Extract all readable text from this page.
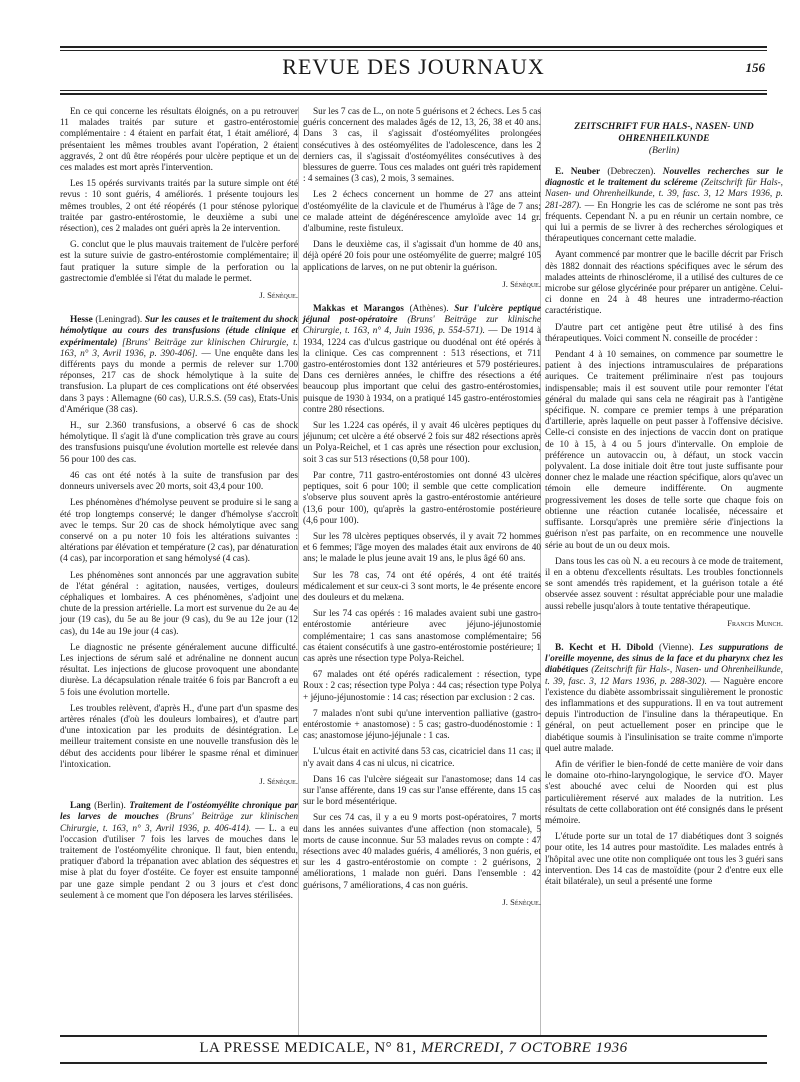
REVUE DES JOURNAUX	156

En ce qui concerne les résultats éloignés, on a pu retrouver 11 malades traités par suture et gastro-entérostomie complémentaire : 4 étaient en parfait état, 1 était amélioré, 4 présentaient les mêmes troubles avant l'opération, 2 étaient aggravés, 2 ont dû être réopérés pour ulcère peptique et un de ces malades est mort après l'intervention.

Les 15 opérés survivants traités par la suture simple ont été revus : 10 sont guéris, 4 améliorés. 1 présente toujours les mêmes troubles, 2 ont été réopérés (1 pour sténose pylorique traitée par gastro-entérostomie, le deuxième a subi une résection), ces 2 malades ont guéri après la 2e intervention.

G. conclut que le plus mauvais traitement de l'ulcère perforé est la suture suivie de gastro-entérostomie complémentaire; il faut pratiquer la suture simple de la perforation ou la gastrectomie d'emblée si l'état du malade le permet.

J. Sénèque.

Hesse (Leningrad). Sur les causes et le traitement du shock hémolytique au cours des transfusions (étude clinique et expérimentale) [Bruns' Beiträge zur klinischen Chirurgie, t. 163, n° 3, Avril 1936, p. 390-406]. — Une enquête dans les différents pays du monde a permis de relever sur 1.700 réponses, 217 cas de shock hémolytique à la suite de transfusion. La plupart de ces complications ont été observées dans 3 pays : Allemagne (60 cas), U.R.S.S. (59 cas), Etats-Unis d'Amérique (38 cas).

H., sur 2.360 transfusions, a observé 6 cas de shock hémolytique. Il s'agit là d'une complication très grave au cours des transfusions puisqu'une évolution mortelle est relevée dans 56 pour 100 des cas.

46 cas ont été notés à la suite de transfusion par des donneurs universels avec 20 morts, soit 43,4 pour 100.

Les phénomènes d'hémolyse peuvent se produire si le sang a été trop longtemps conservé; le danger d'hémolyse s'accroît avec le temps. Sur 20 cas de shock hémolytique avec sang conservé on a pu noter 10 fois les altérations suivantes : altérations par élévation et température (2 cas), par dénaturation (4 cas), par incorporation et sang hémolysé (4 cas).

Les phénomènes sont annoncés par une aggravation subite de l'état général : agitation, nausées, vertiges, douleurs céphaliques et lombaires. A ces phénomènes, s'adjoint une chute de la pression artérielle. La mort est survenue du 2e au 4e jour (19 cas), du 5e au 8e jour (9 cas), du 9e au 12e jour (12 cas), du 14e au 19e jour (4 cas).

Le diagnostic ne présente généralement aucune difficulté. Les injections de sérum salé et adrénaline ne donnent aucun résultat. Les injections de glucose provoquent une abondante diurèse. La décapsulation rénale traitée 6 fois par Bancroft a eu 5 fois une évolution mortelle.

Les troubles relèvent, d'après H., d'une part d'un spasme des artères rénales (d'où les douleurs lombaires), et d'autre part d'une intoxication par les produits de désintégration. Le meilleur traitement consiste en une nouvelle transfusion dès le début des accidents pour libérer le spasme rénal et diminuer l'intoxication.

J. Sénèque.

Lang (Berlin). Traitement de l'ostéomyélite chronique par les larves de mouches (Bruns' Beiträge zur klinischen Chirurgie, t. 163, n° 3, Avril 1936, p. 406-414). — L. a eu l'occasion d'utiliser 7 fois les larves de mouches dans le traitement de l'ostéomyélite chronique. Il faut, bien entendu, pratiquer d'abord la trépanation avec ablation des séquestres et mise à plat du foyer d'ostéite. Ce foyer est ensuite tamponné par une gaze simple pendant 2 ou 3 jours et c'est donc seulement à ce moment que l'on déposera les larves stérilisées.

Sur les 7 cas de L., on note 5 guérisons et 2 échecs. Les 5 cas guéris concernent des malades âgés de 12, 13, 26, 38 et 40 ans. Dans 3 cas, il s'agissait d'ostéomyélites prolongées consécutives à des ostéomyélites de l'adolescence, dans les 2 derniers cas, il s'agissait d'ostéomyélites consécutives à des blessures de guerre. Tous ces malades ont guéri très rapidement : 4 semaines (3 cas), 2 mois, 3 semaines.

Les 2 échecs concernent un homme de 27 ans atteint d'ostéomyélite de la clavicule et de l'humérus à l'âge de 7 ans; ce malade atteint de dégénérescence amyloïde avec 14 gr. d'albumine, reste fistuleux.

Dans le deuxième cas, il s'agissait d'un homme de 40 ans, déjà opéré 20 fois pour une ostéomyélite de guerre; malgré 105 applications de larves, on ne put obtenir la guérison.

J. Sénèque.

Makkas et Marangos (Athènes). Sur l'ulcère peptique jéjunal post-opératoire (Bruns' Beiträge zur klinische Chirurgie, t. 163, n° 4, Juin 1936, p. 554-571). — De 1914 à 1934, 1224 cas d'ulcus gastrique ou duodénal ont été opérés à la clinique. Ces cas comprennent : 513 résections, et 711 gastro-entérostomies dont 132 antérieures et 579 postérieures. Dans ces dernières années, le chiffre des résections a été beaucoup plus important que celui des gastro-entérostomies, puisque de 1930 à 1934, on a pratiqué 145 gastro-entérostomies contre 280 résections.

Sur les 1.224 cas opérés, il y avait 46 ulcères peptiques du jéjunum; cet ulcère a été observé 2 fois sur 482 résections après un Polya-Reichel, et 1 cas après une résection pour exclusion, soit 3 cas sur 513 résections (0,58 pour 100).

Par contre, 711 gastro-entérostomies ont donné 43 ulcères peptiques, soit 6 pour 100; il semble que cette complication s'observe plus souvent après la gastro-entérostomie antérieure (13,6 pour 100), qu'après la gastro-entérostomie postérieure (4,6 pour 100).

Sur les 78 ulcères peptiques observés, il y avait 72 hommes et 6 femmes; l'âge moyen des malades était aux environs de 40 ans; le malade le plus jeune avait 19 ans, le plus âgé 60 ans.

Sur les 78 cas, 74 ont été opérés, 4 ont été traités médicalement et sur ceux-ci 3 sont morts, le 4e présente encore des douleurs et du melæna.

Sur les 74 cas opérés : 16 malades avaient subi une gastro-entérostomie antérieure avec jéjuno-jéjunostomie complémentaire; 1 cas sans anastomose complémentaire; 56 cas étaient consécutifs à une gastro-entérostomie postérieure; 1 cas après une résection type Polya-Reichel.

67 malades ont été opérés radicalement : résection, type Roux : 2 cas; résection type Polya : 44 cas; résection type Polya + jéjuno-jéjunostomie : 14 cas; résection par exclusion : 2 cas.

7 malades n'ont subi qu'une intervention palliative (gastro-entérostomie + anastomose) : 5 cas; gastro-duodénostomie : 1 cas; anastomose jéjuno-jéjunale : 1 cas.

L'ulcus était en activité dans 53 cas, cicatriciel dans 11 cas; il n'y avait dans 4 cas ni ulcus, ni cicatrice.

Dans 16 cas l'ulcère siégeait sur l'anastomose; dans 14 cas sur l'anse afférente, dans 19 cas sur l'anse efférente, dans 15 cas sur le bord mésentérique.

Sur ces 74 cas, il y a eu 9 morts post-opératoires, 7 morts dans les années suivantes d'une affection (non stomacale), 5 morts de cause inconnue. Sur 53 malades revus on compte : 47 résections avec 40 malades guéris, 4 améliorés, 3 non guéris, et sur les 4 gastro-entérostomie on compte : 2 guérisons, 2 améliorations, 1 malade non guéri. Dans l'ensemble : 42 guérisons, 7 améliorations, 4 cas non guéris.

J. Sénèque.

ZEITSCHRIFT FUR HALS-, NASEN- UND OHRENHEILKUNDE
(Berlin)

E. Neuber (Debreczen). Nouvelles recherches sur le diagnostic et le traitement du scléreme (Zeitschrift für Hals-, Nasen- und Ohrenheilkunde, t. 39, fasc. 3, 12 Mars 1936, p. 281-287). — En Hongrie les cas de sclérome ne sont pas très fréquents. Cependant N. a pu en réunir un certain nombre, ce qui lui a permis de se livrer à des recherches sérologiques et thérapeutiques concernant cette maladie.

Ayant commencé par montrer que le bacille décrit par Frisch dès 1882 donnait des réactions spécifiques avec le sérum des malades atteints de rhinosclérome, il a utilisé des cultures de ce microbe sur gélose glycérinée pour préparer un antigène. Celui-ci donne en 24 à 48 heures une intradermo-réaction caractéristique.

D'autre part cet antigène peut être utilisé à des fins thérapeutiques. Voici comment N. conseille de procéder :

Pendant 4 à 10 semaines, on commence par soumettre le patient à des injections intramusculaires de préparations auriques. Ce traitement préliminaire n'est pas toujours indispensable; mais il est souvent utile pour remonter l'état général du malade qui sans cela ne réagirait pas à l'antigène spécifique. N. compare ce premier temps à une préparation d'artillerie, après laquelle on peut passer à l'offensive décisive. Celle-ci consiste en des injections de vaccin dont on pratique de 10 à 15, à 4 ou 5 jours d'intervalle. On emploie de préférence un autovaccin ou, à défaut, un stock vaccin polyvalent. La dose initiale doit être tout juste suffisante pour donner chez le malade une réaction spécifique, alors qu'avec un témoin elle demeure indifférente. On augmente progressivement les doses de telle sorte que chaque fois on obtienne une réaction cutanée localisée, nécessaire et suffisante. Lorsqu'après une première série d'injections la guérison n'est pas parfaite, on en recommence une nouvelle série au bout de un ou deux mois.

Dans tous les cas où N. a eu recours à ce mode de traitement, il en a obtenu d'excellents résultats. Les troubles fonctionnels se sont amendés très rapidement, et la guérison totale a été observée assez souvent : résultat appréciable pour une maladie aussi rebelle jusqu'alors à toute tentative thérapeutique.

Francis Munch.

B. Kecht et H. Dibold (Vienne). Les suppurations de l'oreille moyenne, des sinus de la face et du pharynx chez les diabétiques (Zeitschrift für Hals-, Nasen- und Ohrenheilkunde, t. 39, fasc. 3, 12 Mars 1936, p. 288-302). — Naguère encore l'existence du diabète assombrissait singulièrement le pronostic des inflammations et des suppurations. Il en va tout autrement depuis l'introduction de l'insuline dans la thérapeutique. En général, on peut actuellement poser en principe que le diabétique soumis à l'insulinisation se traite comme n'importe quel autre malade.

Afin de vérifier le bien-fondé de cette manière de voir dans le domaine oto-rhino-laryngologique, le service d'O. Mayer s'est abouché avec celui de Noorden qui est plus particulièrement réservé aux malades de la nutrition. Les résultats de cette collaboration ont été consignés dans le présent mémoire.

L'étude porte sur un total de 17 diabétiques dont 3 soignés pour otite, les 14 autres pour mastoïdite. Les malades entrés à l'hôpital avec une otite non compliquée ont tous les 3 guéri sans intervention. Des 14 cas de mastoïdite (pour 2 d'entre eux elle était bilatérale), un seul a présenté une forme

LA PRESSE MEDICALE, N° 81, MERCREDI, 7 OCTOBRE 1936
